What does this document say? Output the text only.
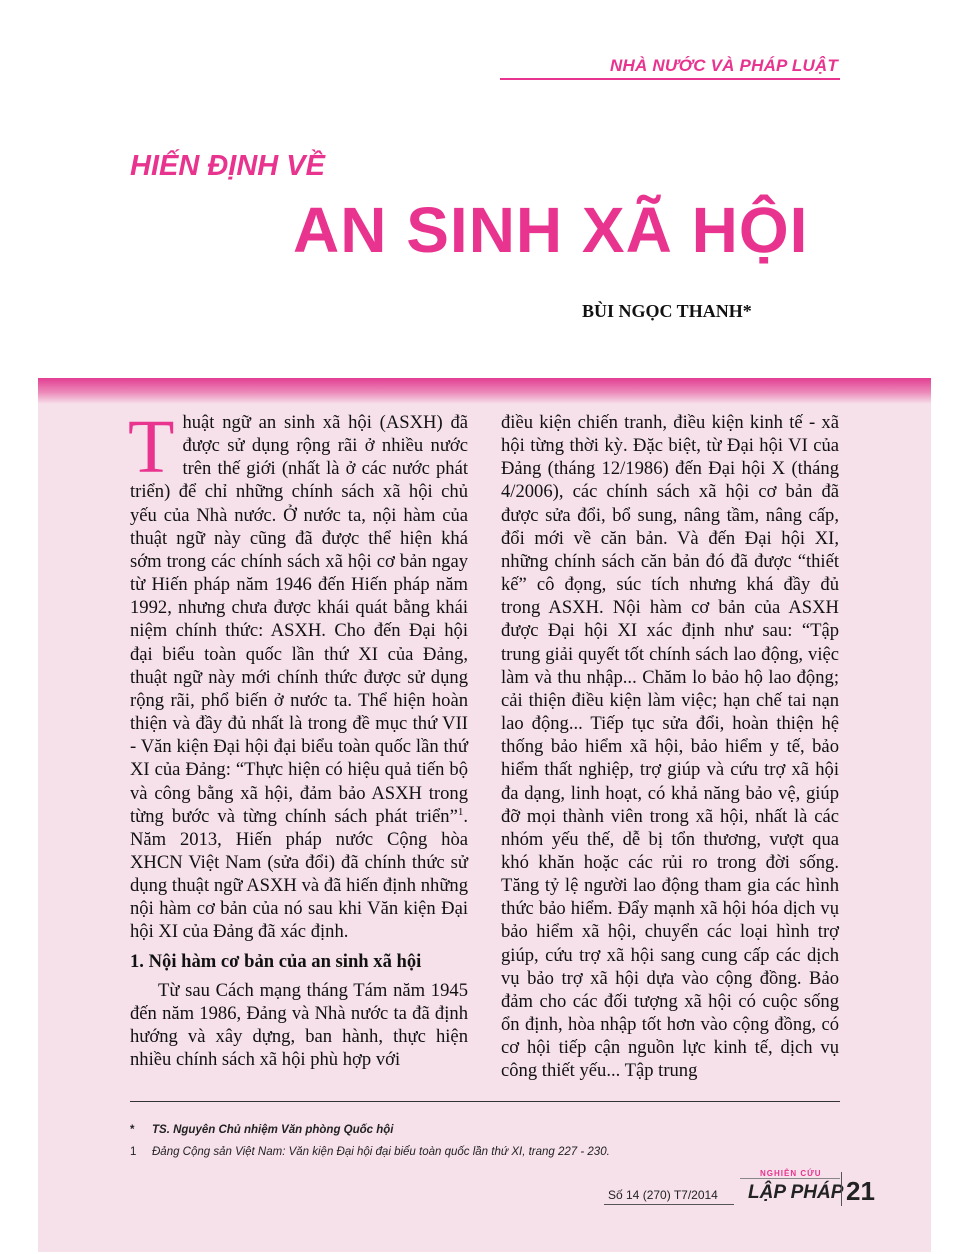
NHÀ NƯỚC VÀ PHÁP LUẬT
HIẾN ĐỊNH VỀ
AN SINH XÃ HỘI
BÙI NGỌC THANH*

Thuật ngữ an sinh xã hội (ASXH) đã được sử dụng rộng rãi ở nhiều nước trên thế giới (nhất là ở các nước phát triển) để chỉ những chính sách xã hội chủ yếu của Nhà nước. Ở nước ta, nội hàm của thuật ngữ này cũng đã được thể hiện khá sớm trong các chính sách xã hội cơ bản ngay từ Hiến pháp năm 1946 đến Hiến pháp năm 1992, nhưng chưa được khái quát bằng khái niệm chính thức: ASXH. Cho đến Đại hội đại biểu toàn quốc lần thứ XI của Đảng, thuật ngữ này mới chính thức được sử dụng rộng rãi, phổ biến ở nước ta. Thể hiện hoàn thiện và đầy đủ nhất là trong đề mục thứ VII - Văn kiện Đại hội đại biểu toàn quốc lần thứ XI của Đảng: “Thực hiện có hiệu quả tiến bộ và công bằng xã hội, đảm bảo ASXH trong từng bước và từng chính sách phát triển”$^1$. Năm 2013, Hiến pháp nước Cộng hòa XHCN Việt Nam (sửa đổi) đã chính thức sử dụng thuật ngữ ASXH và đã hiến định những nội hàm cơ bản của nó sau khi Văn kiện Đại hội XI của Đảng đã xác định.

1. Nội hàm cơ bản của an sinh xã hội

Từ sau Cách mạng tháng Tám năm 1945 đến năm 1986, Đảng và Nhà nước ta đã định hướng và xây dựng, ban hành, thực hiện nhiều chính sách xã hội phù hợp với

điều kiện chiến tranh, điều kiện kinh tế - xã hội từng thời kỳ. Đặc biệt, từ Đại hội VI của Đảng (tháng 12/1986) đến Đại hội X (tháng 4/2006), các chính sách xã hội cơ bản đã được sửa đổi, bổ sung, nâng tầm, nâng cấp, đổi mới về căn bản. Và đến Đại hội XI, những chính sách căn bản đó đã được “thiết kế” cô đọng, súc tích nhưng khá đầy đủ trong ASXH. Nội hàm cơ bản của ASXH được Đại hội XI xác định như sau: “Tập trung giải quyết tốt chính sách lao động, việc làm và thu nhập... Chăm lo bảo hộ lao động; cải thiện điều kiện làm việc; hạn chế tai nạn lao động... Tiếp tục sửa đổi, hoàn thiện hệ thống bảo hiểm xã hội, bảo hiểm y tế, bảo hiểm thất nghiệp, trợ giúp và cứu trợ xã hội đa dạng, linh hoạt, có khả năng bảo vệ, giúp đỡ mọi thành viên trong xã hội, nhất là các nhóm yếu thế, dễ bị tổn thương, vượt qua khó khăn hoặc các rủi ro trong đời sống. Tăng tỷ lệ người lao động tham gia các hình thức bảo hiểm. Đẩy mạnh xã hội hóa dịch vụ bảo hiểm xã hội, chuyển các loại hình trợ giúp, cứu trợ xã hội sang cung cấp các dịch vụ bảo trợ xã hội dựa vào cộng đồng. Bảo đảm cho các đối tượng xã hội có cuộc sống ổn định, hòa nhập tốt hơn vào cộng đồng, có cơ hội tiếp cận nguồn lực kinh tế, dịch vụ công thiết yếu... Tập trung

* TS. Nguyên Chủ nhiệm Văn phòng Quốc hội
1 Đảng Cộng sản Việt Nam: Văn kiện Đại hội đại biểu toàn quốc lần thứ XI, trang 227 - 230.
Số 14 (270) T7/2014
NGHIÊN CỨU
LẬP PHÁP 21
